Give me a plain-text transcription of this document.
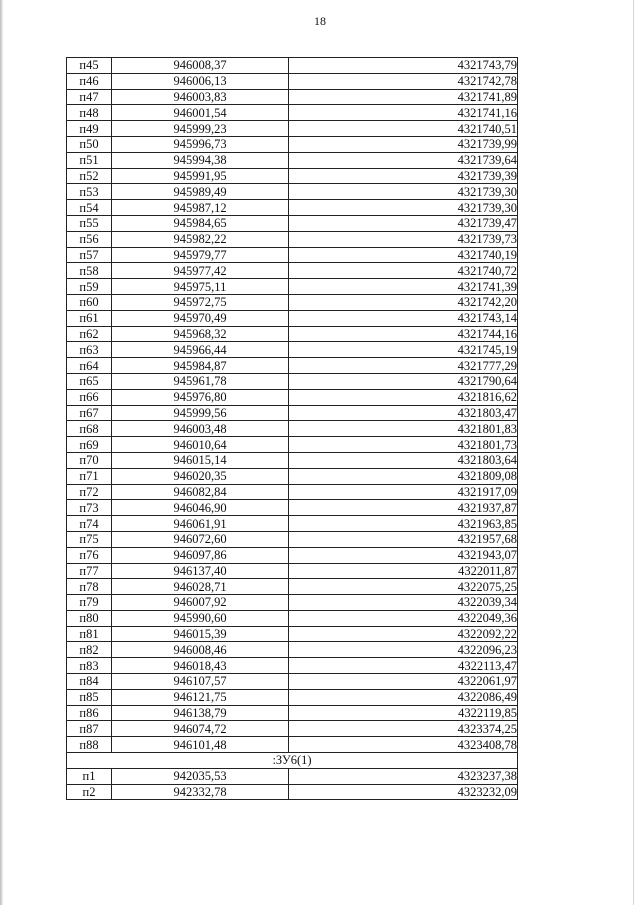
18
п45	946008,37	4321743,79
п46	946006,13	4321742,78
п47	946003,83	4321741,89
п48	946001,54	4321741,16
п49	945999,23	4321740,51
п50	945996,73	4321739,99
п51	945994,38	4321739,64
п52	945991,95	4321739,39
п53	945989,49	4321739,30
п54	945987,12	4321739,30
п55	945984,65	4321739,47
п56	945982,22	4321739,73
п57	945979,77	4321740,19
п58	945977,42	4321740,72
п59	945975,11	4321741,39
п60	945972,75	4321742,20
п61	945970,49	4321743,14
п62	945968,32	4321744,16
п63	945966,44	4321745,19
п64	945984,87	4321777,29
п65	945961,78	4321790,64
п66	945976,80	4321816,62
п67	945999,56	4321803,47
п68	946003,48	4321801,83
п69	946010,64	4321801,73
п70	946015,14	4321803,64
п71	946020,35	4321809,08
п72	946082,84	4321917,09
п73	946046,90	4321937,87
п74	946061,91	4321963,85
п75	946072,60	4321957,68
п76	946097,86	4321943,07
п77	946137,40	4322011,87
п78	946028,71	4322075,25
п79	946007,92	4322039,34
п80	945990,60	4322049,36
п81	946015,39	4322092,22
п82	946008,46	4322096,23
п83	946018,43	4322113,47
п84	946107,57	4322061,97
п85	946121,75	4322086,49
п86	946138,79	4322119,85
п87	946074,72	4323374,25
п88	946101,48	4323408,78
:ЗУ6(1)		
п1	942035,53	4323237,38
п2	942332,78	4323232,09
